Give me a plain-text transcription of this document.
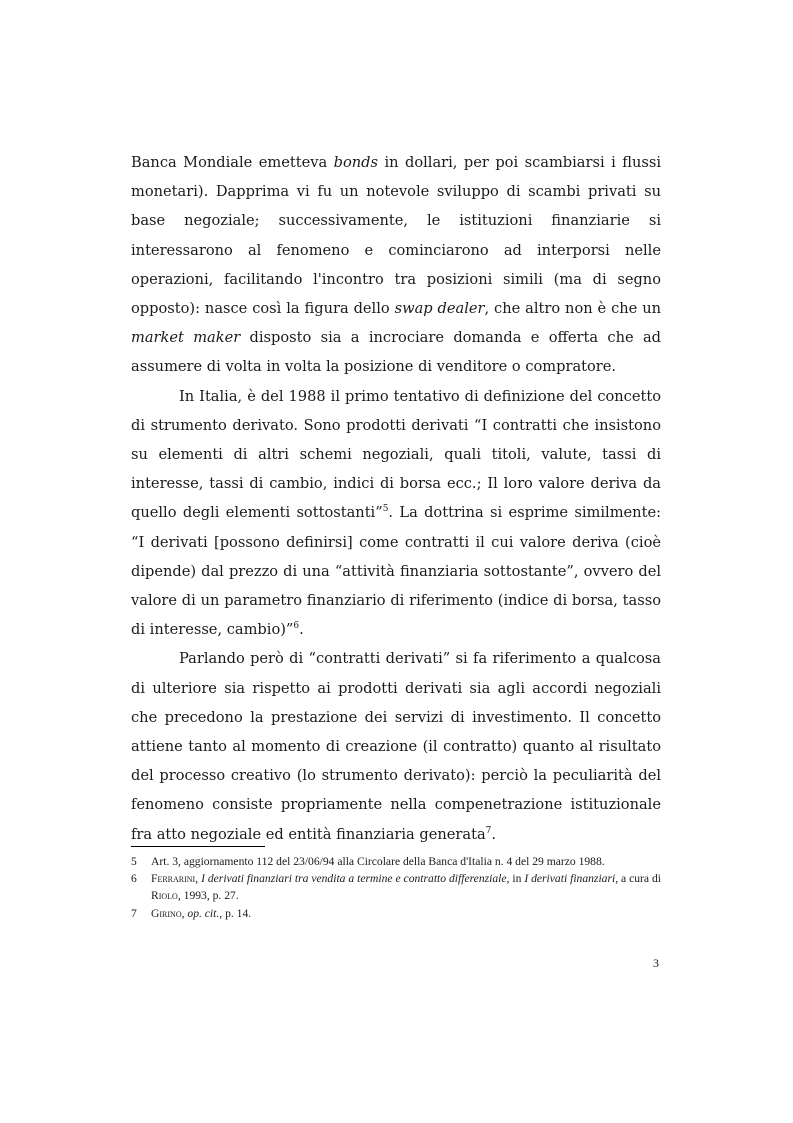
Banca Mondiale emetteva bonds in dollari, per poi scambiarsi i flussi monetari). Dapprima vi fu un notevole sviluppo di scambi privati su base negoziale; successivamente, le istituzioni finanziarie si interessarono al fenomeno e cominciarono ad interporsi nelle operazioni, facilitando l'incontro tra posizioni simili (ma di segno opposto): nasce così la figura dello swap dealer, che altro non è che un market maker disposto sia a incrociare domanda e offerta che ad assumere di volta in volta la posizione di venditore o compratore.

In Italia, è del 1988 il primo tentativo di definizione del concetto di strumento derivato. Sono prodotti derivati “I contratti che insistono su elementi di altri schemi negoziali, quali titoli, valute, tassi di interesse, tassi di cambio, indici di borsa ecc.; Il loro valore deriva da quello degli elementi sottostanti”$^5$. La dottrina si esprime similmente: “I derivati [possono definirsi] come contratti il cui valore deriva (cioè dipende) dal prezzo di una “attività finanziaria sottostante”, ovvero del valore di un parametro finanziario di riferimento (indice di borsa, tasso di interesse, cambio)”$^6$.

Parlando però di “contratti derivati” si fa riferimento a qualcosa di ulteriore sia rispetto ai prodotti derivati sia agli accordi negoziali che precedono la prestazione dei servizi di investimento. Il concetto attiene tanto al momento di creazione (il contratto) quanto al risultato del processo creativo (lo strumento derivato): perciò la peculiarità del fenomeno consiste propriamente nella compenetrazione istituzionale fra atto negoziale ed entità finanziaria generata$^7$.

5 Art. 3, aggiornamento 112 del 23/06/94 alla Circolare della Banca d'Italia n. 4 del 29 marzo 1988.
6 Ferrarini, I derivati finanziari tra vendita a termine e contratto differenziale, in I derivati finanziari, a cura di Riolo, 1993, p. 27.
7 Girino, op. cit., p. 14.
3
